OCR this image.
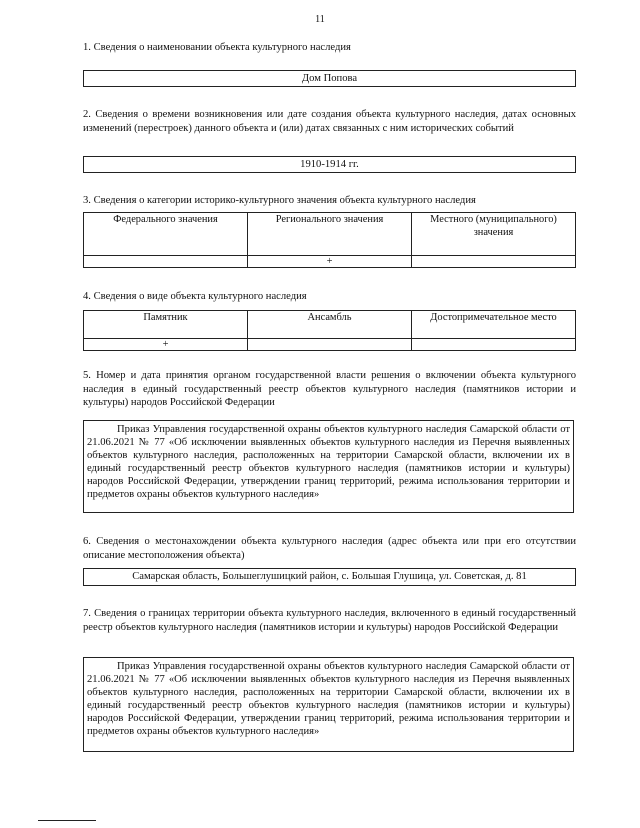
11
1. Сведения о наименовании объекта культурного наследия
Дом Попова
2. Сведения о времени возникновения или дате создания объекта культурного наследия, датах основных изменений (перестроек) данного объекта и (или) датах связанных с ним исторических событий
1910-1914 гг.
3. Сведения о категории историко-культурного значения объекта культурного наследия
Федерального значения	Регионального значения	Местного (муниципального) значения
	+	
4. Сведения о виде объекта культурного наследия
Памятник	Ансамбль	Достопримечательное место
+		
5. Номер и дата принятия органом государственной власти решения о включении объекта культурного наследия в единый государственный реестр объектов культурного наследия (памятников истории и культуры) народов Российской Федерации
Приказ Управления государственной охраны объектов культурного наследия Самарской области от 21.06.2021 № 77 «Об исключении выявленных объектов культурного наследия из Перечня выявленных объектов культурного наследия, расположенных на территории Самарской области, включении их в единый государственный реестр объектов культурного наследия (памятников истории и культуры) народов Российской Федерации, утверждении границ территорий, режима использования территории и предметов охраны объектов культурного наследия»
6. Сведения о местонахождении объекта культурного наследия (адрес объекта или при его отсутствии описание местоположения объекта)
Самарская область, Большеглушицкий район, с. Большая Глушица, ул. Советская, д. 81
7. Сведения о границах территории объекта культурного наследия, включенного в единый государственный реестр объектов культурного наследия (памятников истории и культуры) народов Российской Федерации
Приказ Управления государственной охраны объектов культурного наследия Самарской области от 21.06.2021 № 77 «Об исключении выявленных объектов культурного наследия из Перечня выявленных объектов культурного наследия, расположенных на территории Самарской области, включении их в единый государственный реестр объектов культурного наследия (памятников истории и культуры) народов Российской Федерации, утверждении границ территорий, режима использования территории и предметов охраны объектов культурного наследия»
